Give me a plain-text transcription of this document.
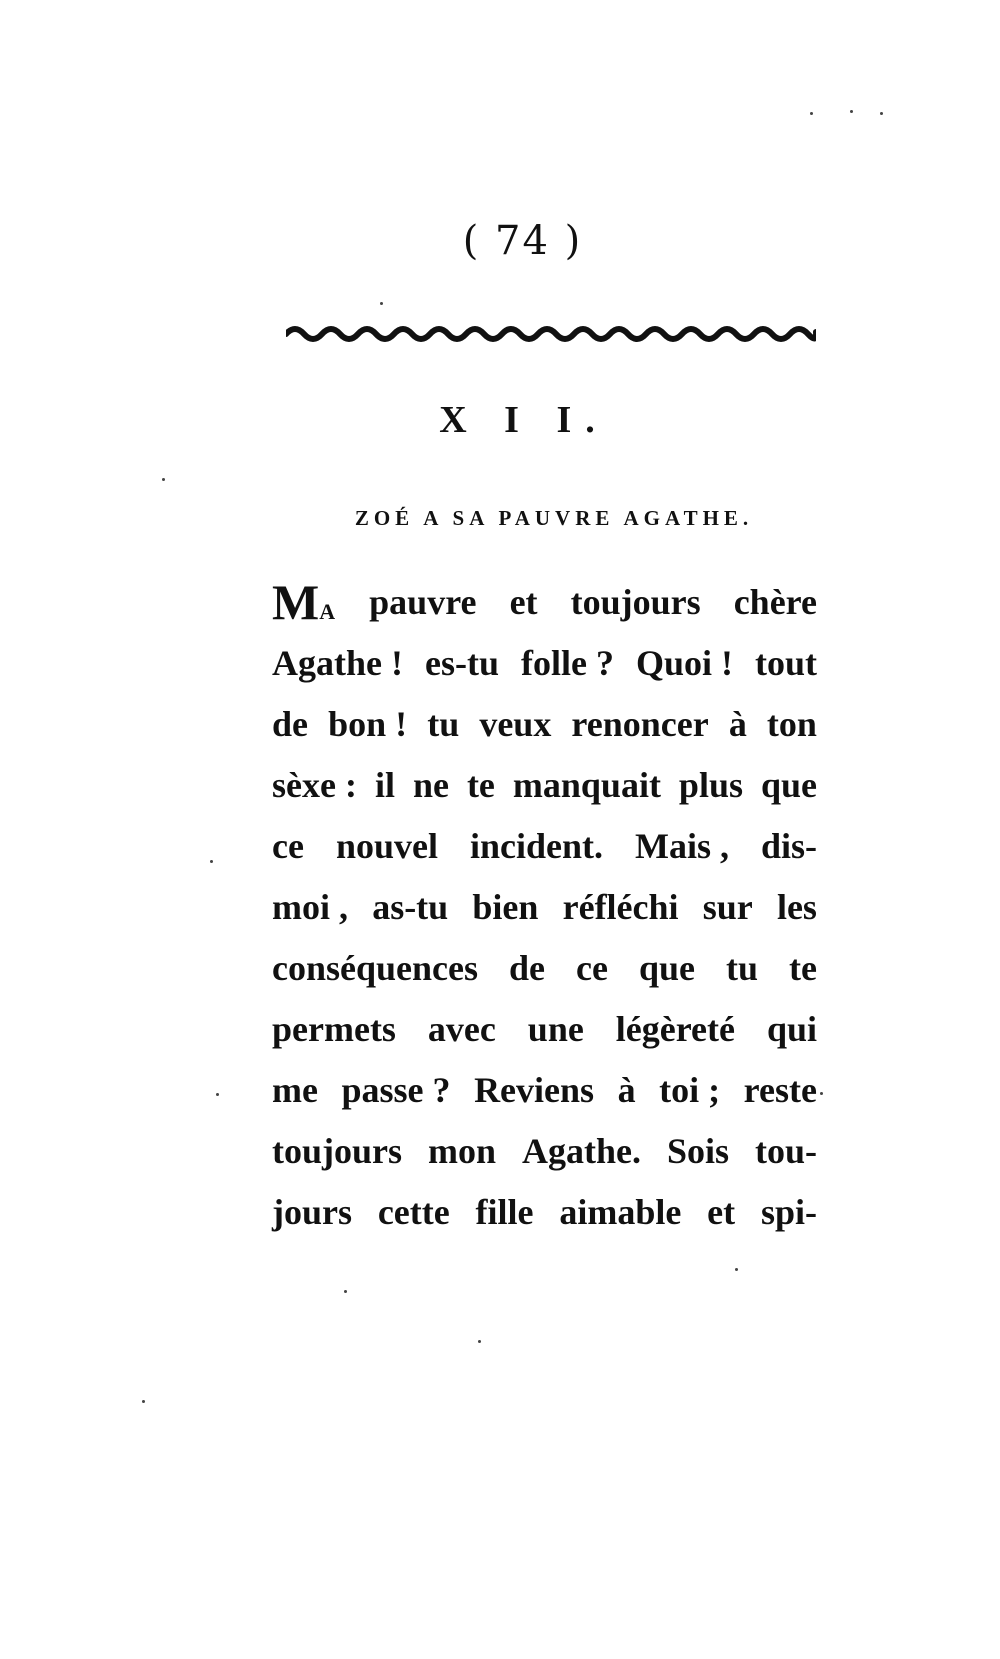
( 74 )
X I I.
ZOÉ A SA PAUVRE AGATHE.
MA pauvre et toujours chère
Agathe ! es-tu folle ? Quoi ! tout
de bon ! tu veux renoncer à ton
sèxe : il ne te manquait plus que
ce nouvel incident. Mais , dis-
moi , as-tu bien réfléchi sur les
conséquences de ce que tu te
permets avec une légèreté qui
me passe ? Reviens à toi ; reste
toujours mon Agathe. Sois tou-
jours cette fille aimable et spi-
